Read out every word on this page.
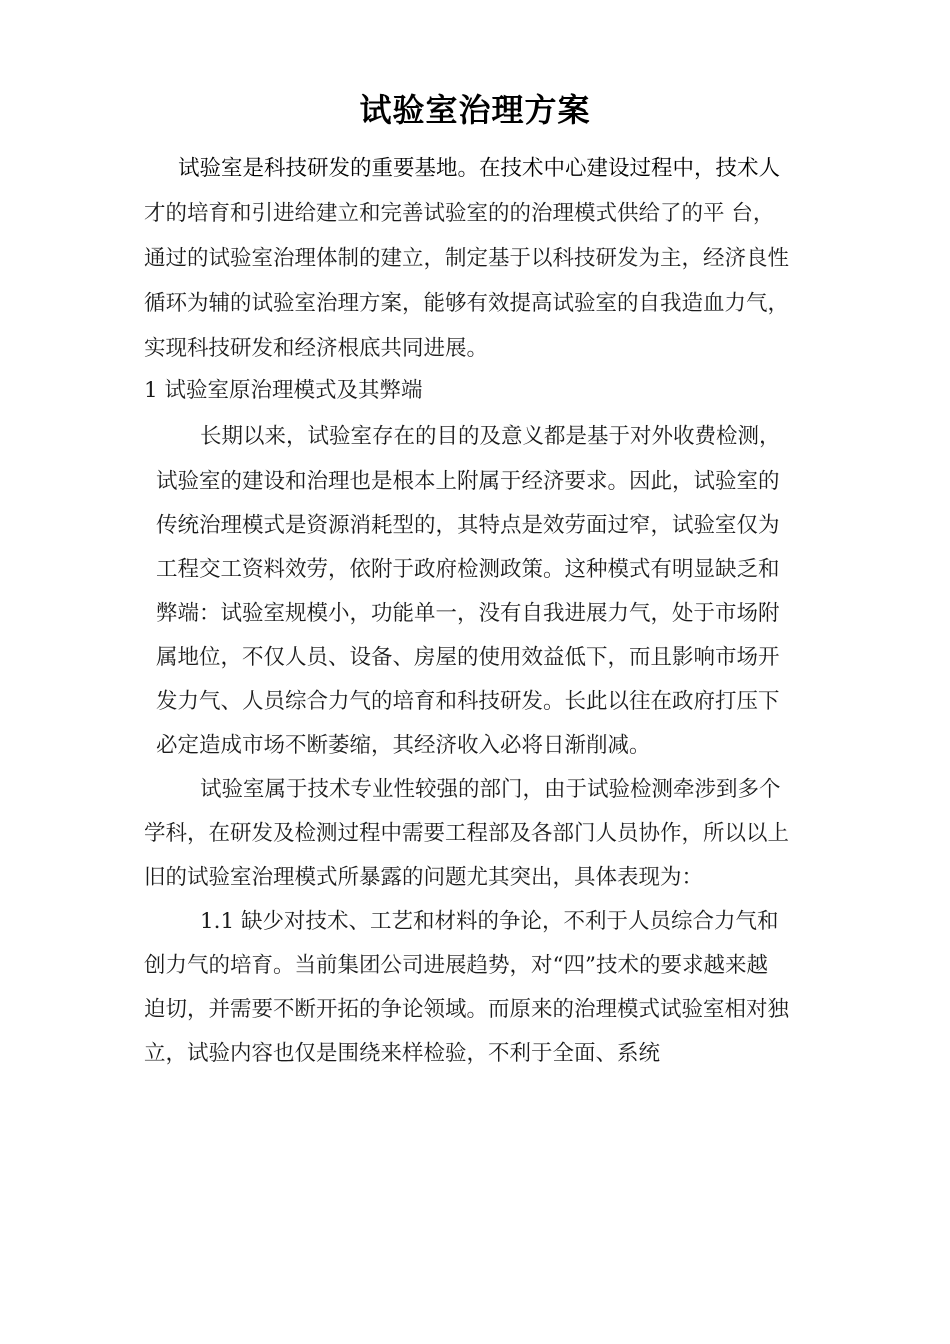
试验室治理方案
试验室是科技研发的重要基地。在技术中心建设过程中，技术人
才的培育和引进给建立和完善试验室的的治理模式供给了的平 台，
通过的试验室治理体制的建立，制定基于以科技研发为主，经济良性
循环为辅的试验室治理方案，能够有效提高试验室的自我造血力气，
实现科技研发和经济根底共同进展。
1 试验室原治理模式及其弊端
长期以来，试验室存在的目的及意义都是基于对外收费检测，
试验室的建设和治理也是根本上附属于经济要求。因此，试验室的
传统治理模式是资源消耗型的，其特点是效劳面过窄，试验室仅为
工程交工资料效劳，依附于政府检测政策。这种模式有明显缺乏和
弊端：试验室规模小，功能单一，没有自我进展力气，处于市场附
属地位，不仅人员、设备、房屋的使用效益低下，而且影响市场开
发力气、人员综合力气的培育和科技研发。长此以往在政府打压下
必定造成市场不断萎缩，其经济收入必将日渐削减。
试验室属于技术专业性较强的部门，由于试验检测牵涉到多个
学科，在研发及检测过程中需要工程部及各部门人员协作，所以以上
旧的试验室治理模式所暴露的问题尤其突出，具体表现为：
1.1 缺少对技术、工艺和材料的争论，不利于人员综合力气和
创力气的培育。当前集团公司进展趋势，对“四”技术的要求越来越
迫切，并需要不断开拓的争论领域。而原来的治理模式试验室相对独
立，试验内容也仅是围绕来样检验，不利于全面、系统
